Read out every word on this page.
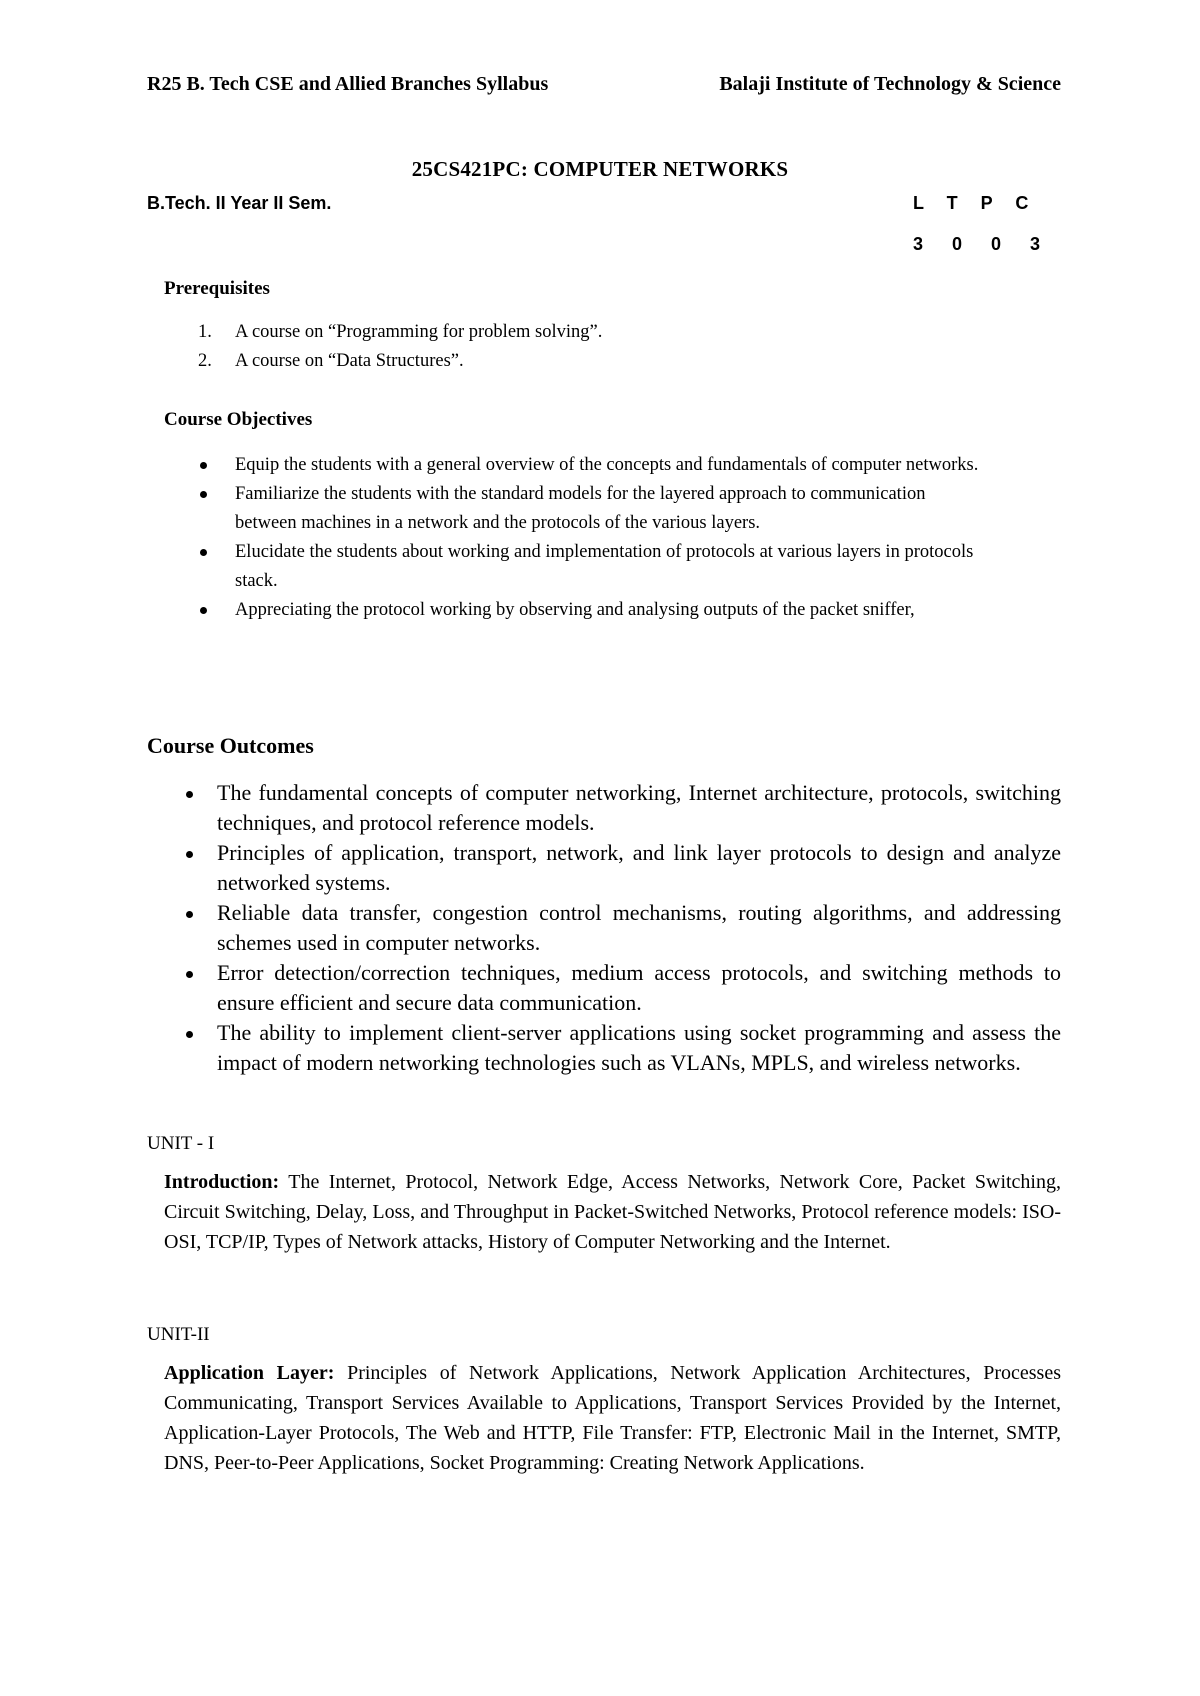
R25 B. Tech CSE and Allied Branches Syllabus	Balaji Institute of Technology & Science
25CS421PC: COMPUTER NETWORKS
B.Tech. II Year II Sem.	L T P C
3 0 0 3
Prerequisites
1. A course on “Programming for problem solving”.
2. A course on “Data Structures”.
Course Objectives
Equip the students with a general overview of the concepts and fundamentals of computer networks.
Familiarize the students with the standard models for the layered approach to communication between machines in a network and the protocols of the various layers.
Elucidate the students about working and implementation of protocols at various layers in protocols stack.
Appreciating the protocol working by observing and analysing outputs of the packet sniffer,
Course Outcomes
The fundamental concepts of computer networking, Internet architecture, protocols, switching techniques, and protocol reference models.
Principles of application, transport, network, and link layer protocols to design and analyze networked systems.
Reliable data transfer, congestion control mechanisms, routing algorithms, and addressing schemes used in computer networks.
Error detection/correction techniques, medium access protocols, and switching methods to ensure efficient and secure data communication.
The ability to implement client-server applications using socket programming and assess the impact of modern networking technologies such as VLANs, MPLS, and wireless networks.
UNIT - I
Introduction: The Internet, Protocol, Network Edge, Access Networks, Network Core, Packet Switching, Circuit Switching, Delay, Loss, and Throughput in Packet-Switched Networks, Protocol reference models: ISO-OSI, TCP/IP, Types of Network attacks, History of Computer Networking and the Internet.
UNIT-II
Application Layer: Principles of Network Applications, Network Application Architectures, Processes Communicating, Transport Services Available to Applications, Transport Services Provided by the Internet, Application-Layer Protocols, The Web and HTTP, File Transfer: FTP, Electronic Mail in the Internet, SMTP, DNS, Peer-to-Peer Applications, Socket Programming: Creating Network Applications.
